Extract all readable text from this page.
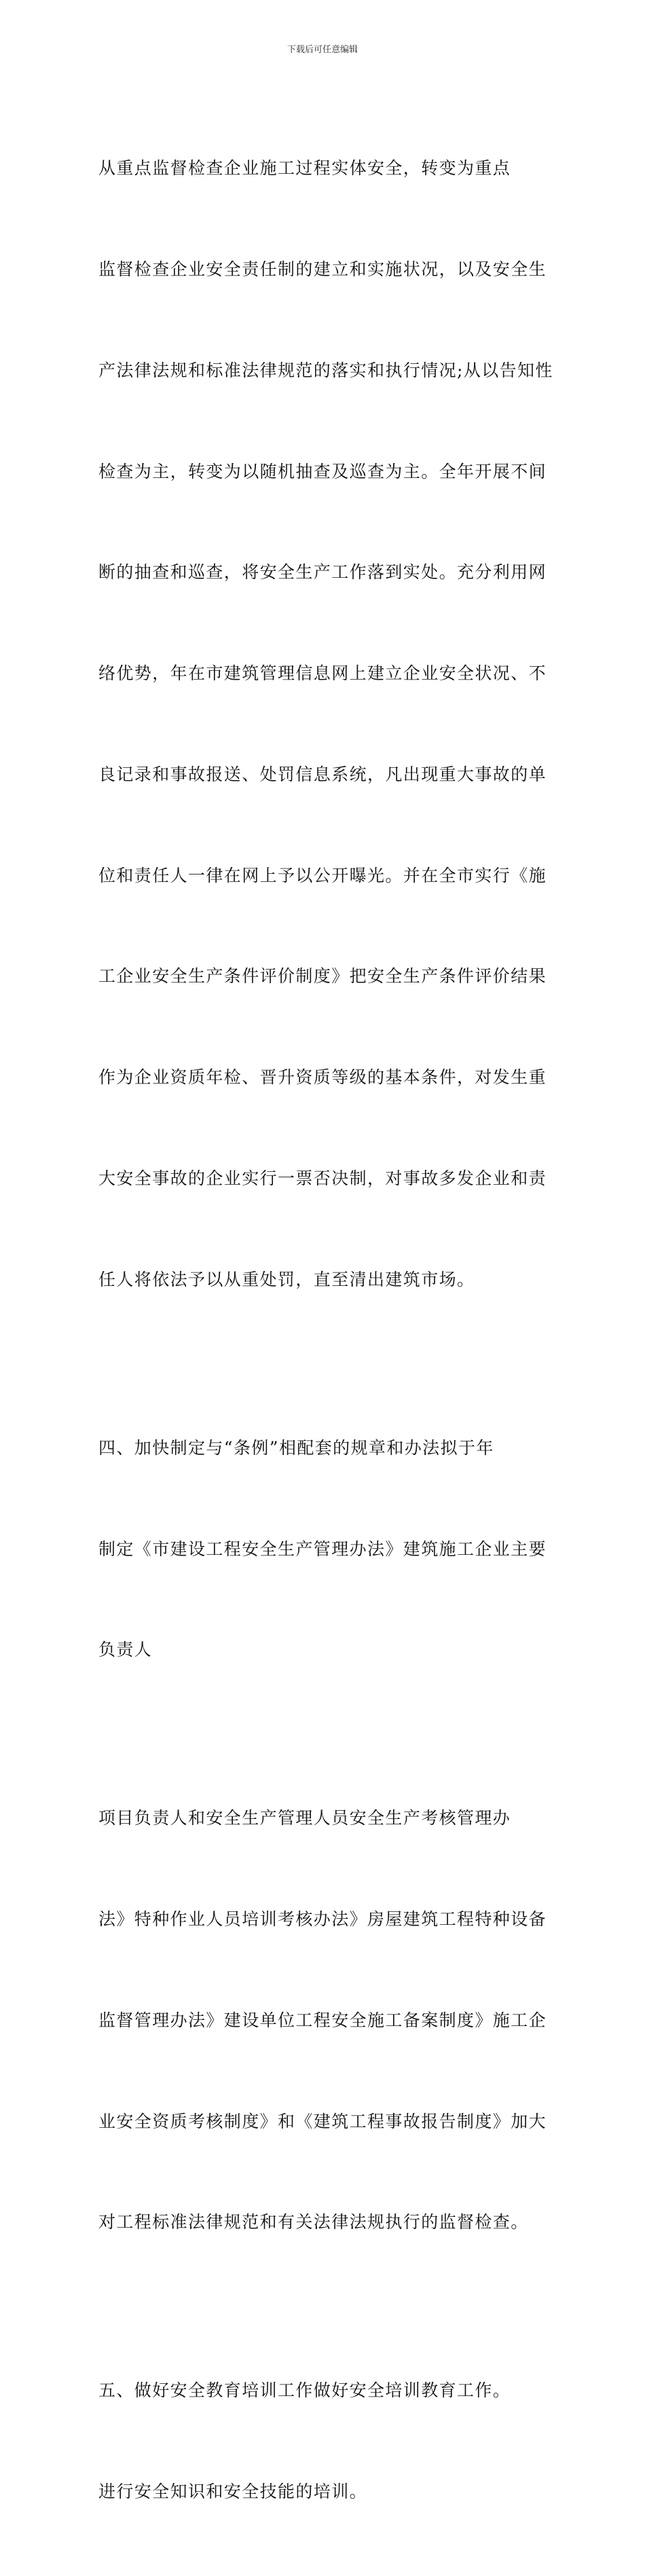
下载后可任意编辑

从重点监督检查企业施工过程实体安全，转变为重点

监督检查企业安全责任制的建立和实施状况，以及安全生

产法律法规和标准法律规范的落实和执行情况;从以告知性

检查为主，转变为以随机抽查及巡查为主。全年开展不间

断的抽查和巡查，将安全生产工作落到实处。充分利用网

络优势，年在市建筑管理信息网上建立企业安全状况、不

良记录和事故报送、处罚信息系统，凡出现重大事故的单

位和责任人一律在网上予以公开曝光。并在全市实行《施

工企业安全生产条件评价制度》把安全生产条件评价结果

作为企业资质年检、晋升资质等级的基本条件，对发生重

大安全事故的企业实行一票否决制，对事故多发企业和责

任人将依法予以从重处罚，直至清出建筑市场。

四、加快制定与“条例”相配套的规章和办法拟于年

制定《市建设工程安全生产管理办法》建筑施工企业主要

负责人

项目负责人和安全生产管理人员安全生产考核管理办

法》特种作业人员培训考核办法》房屋建筑工程特种设备

监督管理办法》建设单位工程安全施工备案制度》施工企

业安全资质考核制度》和《建筑工程事故报告制度》加大

对工程标准法律规范和有关法律法规执行的监督检查。

五、做好安全教育培训工作做好安全培训教育工作。

进行安全知识和安全技能的培训。
